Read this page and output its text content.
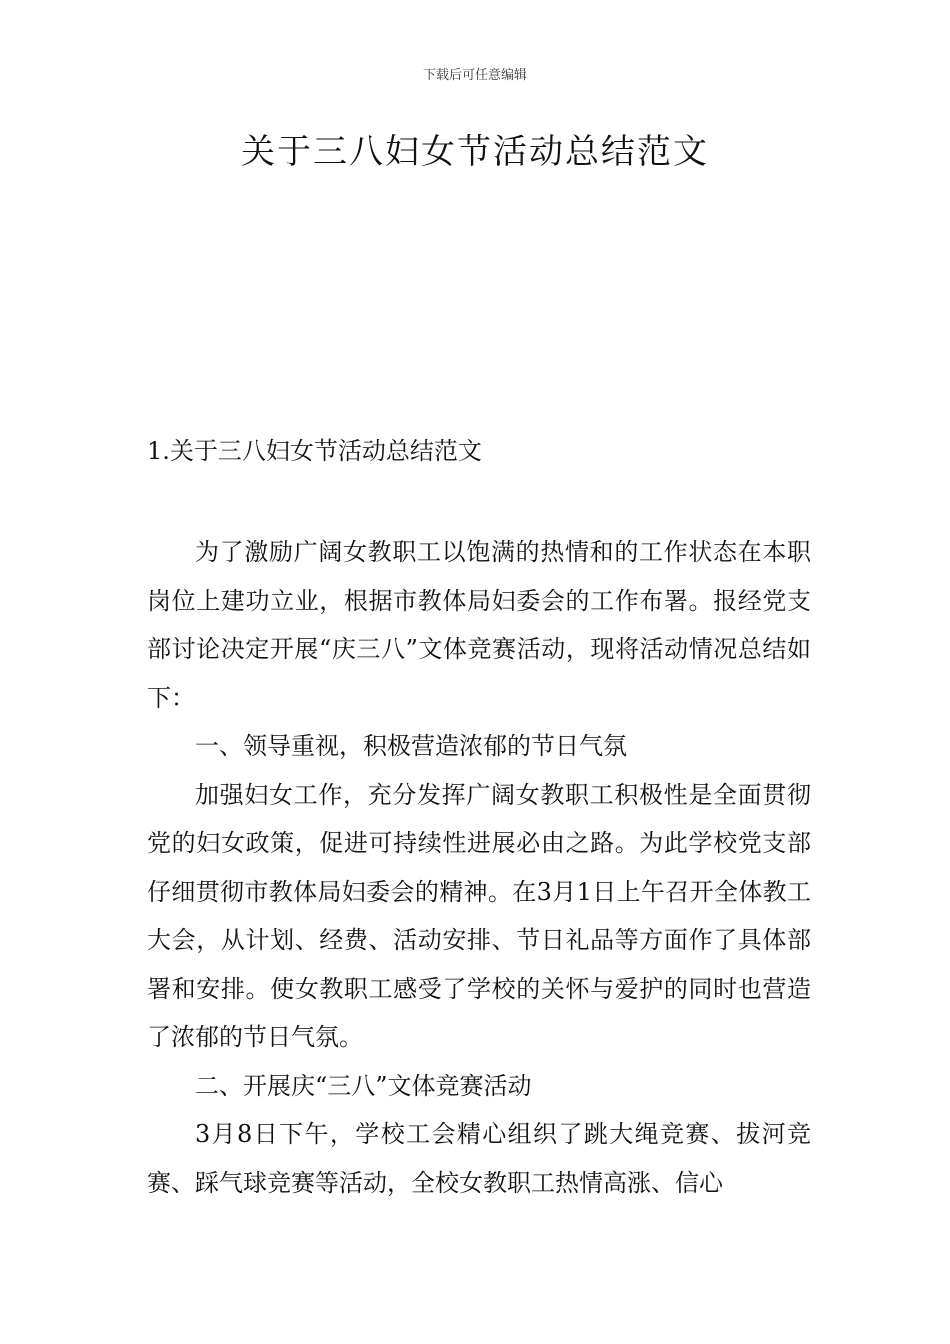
下载后可任意编辑
关于三八妇女节活动总结范文
1.关于三八妇女节活动总结范文

为了激励广阔女教职工以饱满的热情和的工作状态在本职岗位上建功立业，根据市教体局妇委会的工作布署。报经党支部讨论决定开展“庆三八”文体竞赛活动，现将活动情况总结如下：

一、领导重视，积极营造浓郁的节日气氛

加强妇女工作，充分发挥广阔女教职工积极性是全面贯彻党的妇女政策，促进可持续性进展必由之路。为此学校党支部仔细贯彻市教体局妇委会的精神。在3月1日上午召开全体教工大会，从计划、经费、活动安排、节日礼品等方面作了具体部署和安排。使女教职工感受了学校的关怀与爱护的同时也营造了浓郁的节日气氛。

二、开展庆“三八”文体竞赛活动

3月8日下午，学校工会精心组织了跳大绳竞赛、拔河竞赛、踩气球竞赛等活动，全校女教职工热情高涨、信心
